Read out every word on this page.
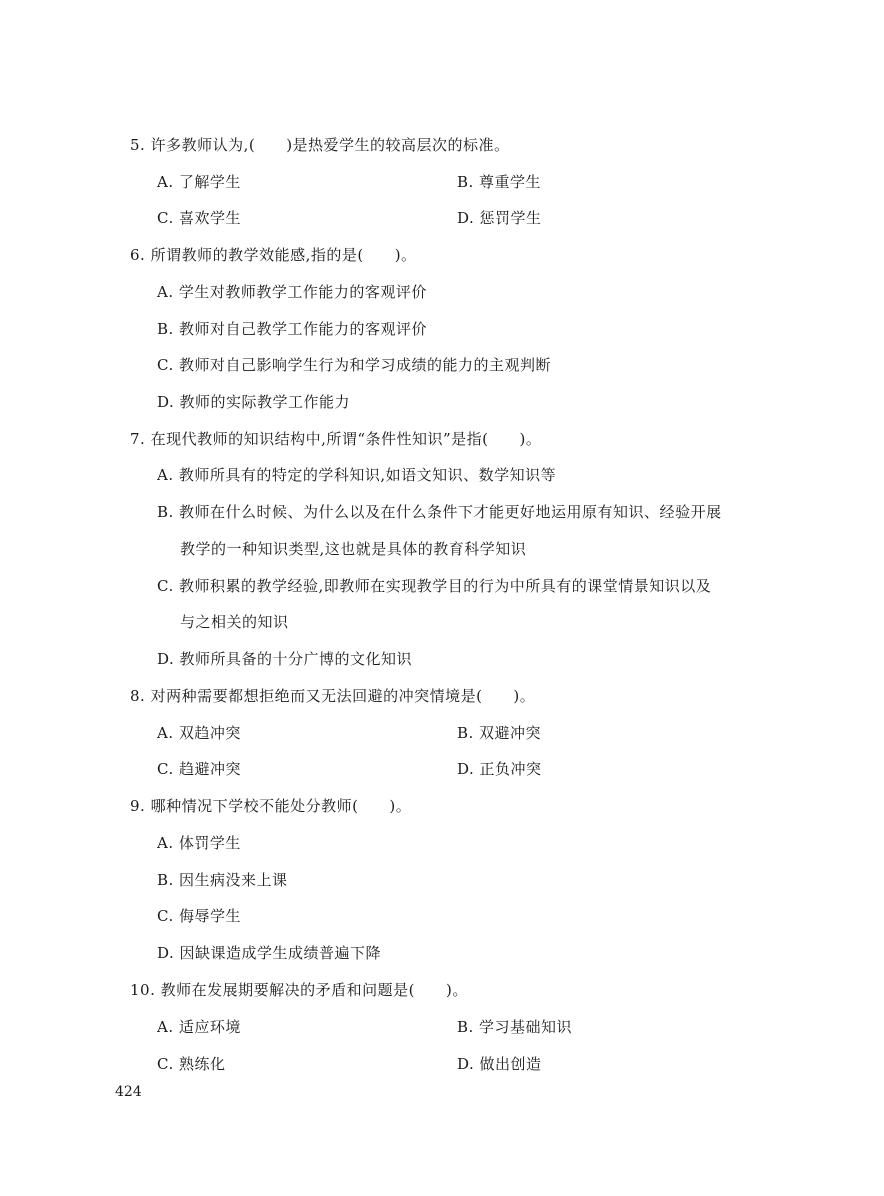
5. 许多教师认为,(　　)是热爱学生的较高层次的标准。
A. 了解学生	B. 尊重学生
C. 喜欢学生	D. 惩罚学生
6. 所谓教师的教学效能感,指的是(　　)。
A. 学生对教师教学工作能力的客观评价
B. 教师对自己教学工作能力的客观评价
C. 教师对自己影响学生行为和学习成绩的能力的主观判断
D. 教师的实际教学工作能力
7. 在现代教师的知识结构中,所谓“条件性知识”是指(　　)。
A. 教师所具有的特定的学科知识,如语文知识、数学知识等
B. 教师在什么时候、为什么以及在什么条件下才能更好地运用原有知识、经验开展
教学的一种知识类型,这也就是具体的教育科学知识
C. 教师积累的教学经验,即教师在实现教学目的行为中所具有的课堂情景知识以及
与之相关的知识
D. 教师所具备的十分广博的文化知识
8. 对两种需要都想拒绝而又无法回避的冲突情境是(　　)。
A. 双趋冲突	B. 双避冲突
C. 趋避冲突	D. 正负冲突
9. 哪种情况下学校不能处分教师(　　)。
A. 体罚学生
B. 因生病没来上课
C. 侮辱学生
D. 因缺课造成学生成绩普遍下降
10. 教师在发展期要解决的矛盾和问题是(　　)。
A. 适应环境	B. 学习基础知识
C. 熟练化	D. 做出创造
424
